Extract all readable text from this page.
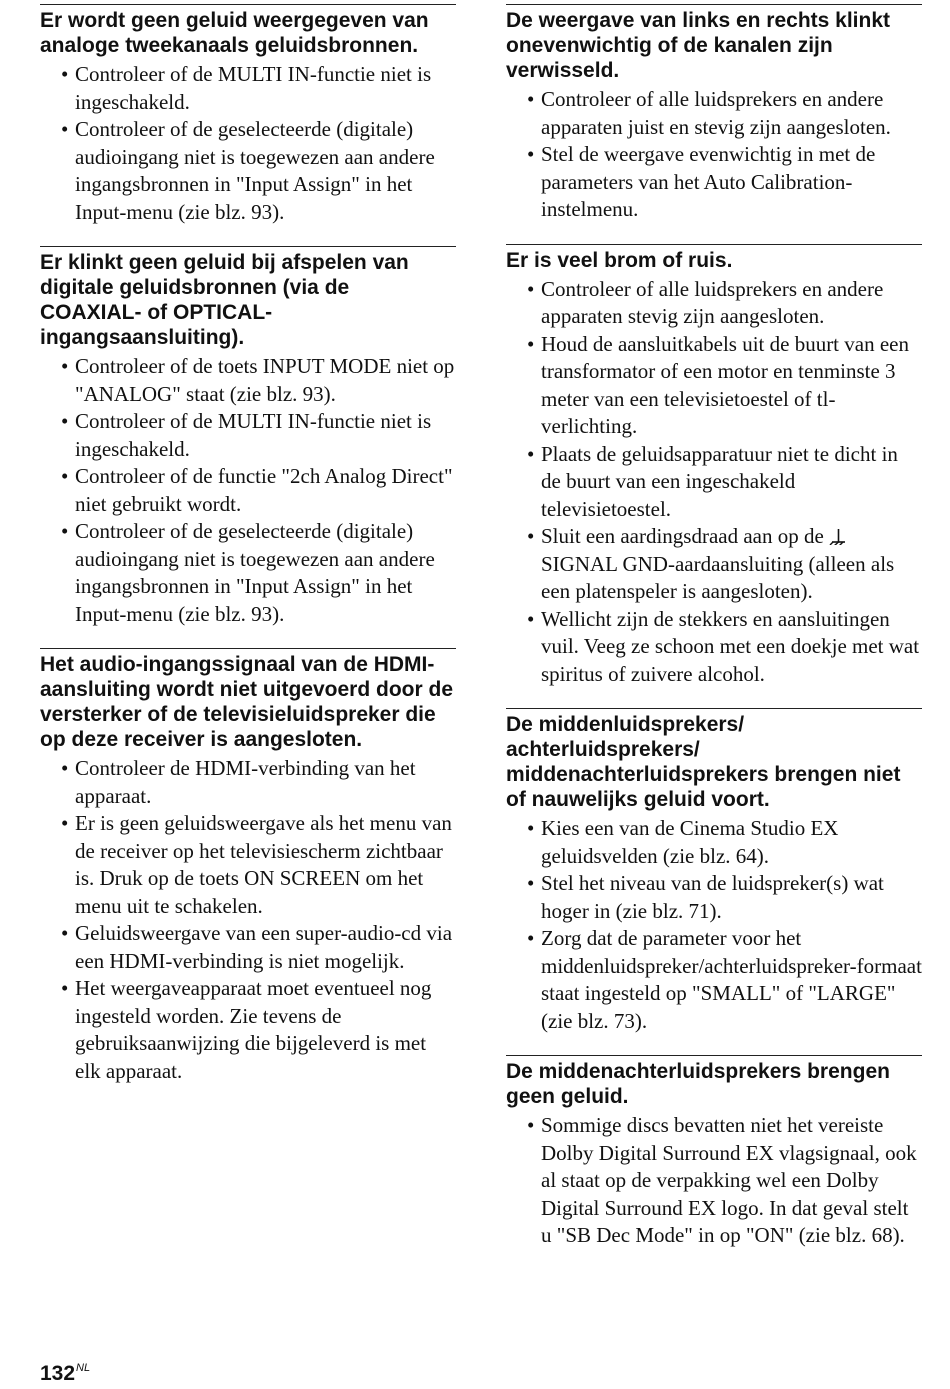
Er wordt geen geluid weergegeven van analoge tweekanaals geluidsbronnen.
• Controleer of de MULTI IN-functie niet is ingeschakeld.
• Controleer of de geselecteerde (digitale) audioingang niet is toegewezen aan andere ingangsbronnen in "Input Assign" in het Input-menu (zie blz. 93).
Er klinkt geen geluid bij afspelen van digitale geluidsbronnen (via de COAXIAL- of OPTICAL-ingangsaansluiting).
• Controleer of de toets INPUT MODE niet op "ANALOG" staat (zie blz. 93).
• Controleer of de MULTI IN-functie niet is ingeschakeld.
• Controleer of de functie "2ch Analog Direct" niet gebruikt wordt.
• Controleer of de geselecteerde (digitale) audioingang niet is toegewezen aan andere ingangsbronnen in "Input Assign" in het Input-menu (zie blz. 93).
Het audio-ingangssignaal van de HDMI-aansluiting wordt niet uitgevoerd door de versterker of de televisieluidspreker die op deze receiver is aangesloten.
• Controleer de HDMI-verbinding van het apparaat.
• Er is geen geluidsweergave als het menu van de receiver op het televisiescherm zichtbaar is. Druk op de toets ON SCREEN om het menu uit te schakelen.
• Geluidsweergave van een super-audio-cd via een HDMI-verbinding is niet mogelijk.
• Het weergaveapparaat moet eventueel nog ingesteld worden. Zie tevens de gebruiksaanwijzing die bijgeleverd is met elk apparaat.
De weergave van links en rechts klinkt onevenwichtig of de kanalen zijn verwisseld.
• Controleer of alle luidsprekers en andere apparaten juist en stevig zijn aangesloten.
• Stel de weergave evenwichtig in met de parameters van het Auto Calibration-instelmenu.
Er is veel brom of ruis.
• Controleer of alle luidsprekers en andere apparaten stevig zijn aangesloten.
• Houd de aansluitkabels uit de buurt van een transformator of een motor en tenminste 3 meter van een televisietoestel of tl-verlichting.
• Plaats de geluidsapparatuur niet te dicht in de buurt van een ingeschakeld televisietoestel.
• Sluit een aardingsdraad aan op de  SIGNAL GND-aardaansluiting (alleen als een platenspeler is aangesloten).
• Wellicht zijn de stekkers en aansluitingen vuil. Veeg ze schoon met een doekje met wat spiritus of zuivere alcohol.
De middenluidsprekers/ achterluidsprekers/ middenachterluidsprekers brengen niet of nauwelijks geluid voort.
• Kies een van de Cinema Studio EX geluidsvelden (zie blz. 64).
• Stel het niveau van de luidspreker(s) wat hoger in (zie blz. 71).
• Zorg dat de parameter voor het middenluidspreker/achterluidspreker-formaat staat ingesteld op "SMALL" of "LARGE" (zie blz. 73).
De middenachterluidsprekers brengen geen geluid.
• Sommige discs bevatten niet het vereiste Dolby Digital Surround EX vlagsignaal, ook al staat op de verpakking wel een Dolby Digital Surround EX logo. In dat geval stelt u "SB Dec Mode" in op "ON" (zie blz. 68).
$132^{NL}$
